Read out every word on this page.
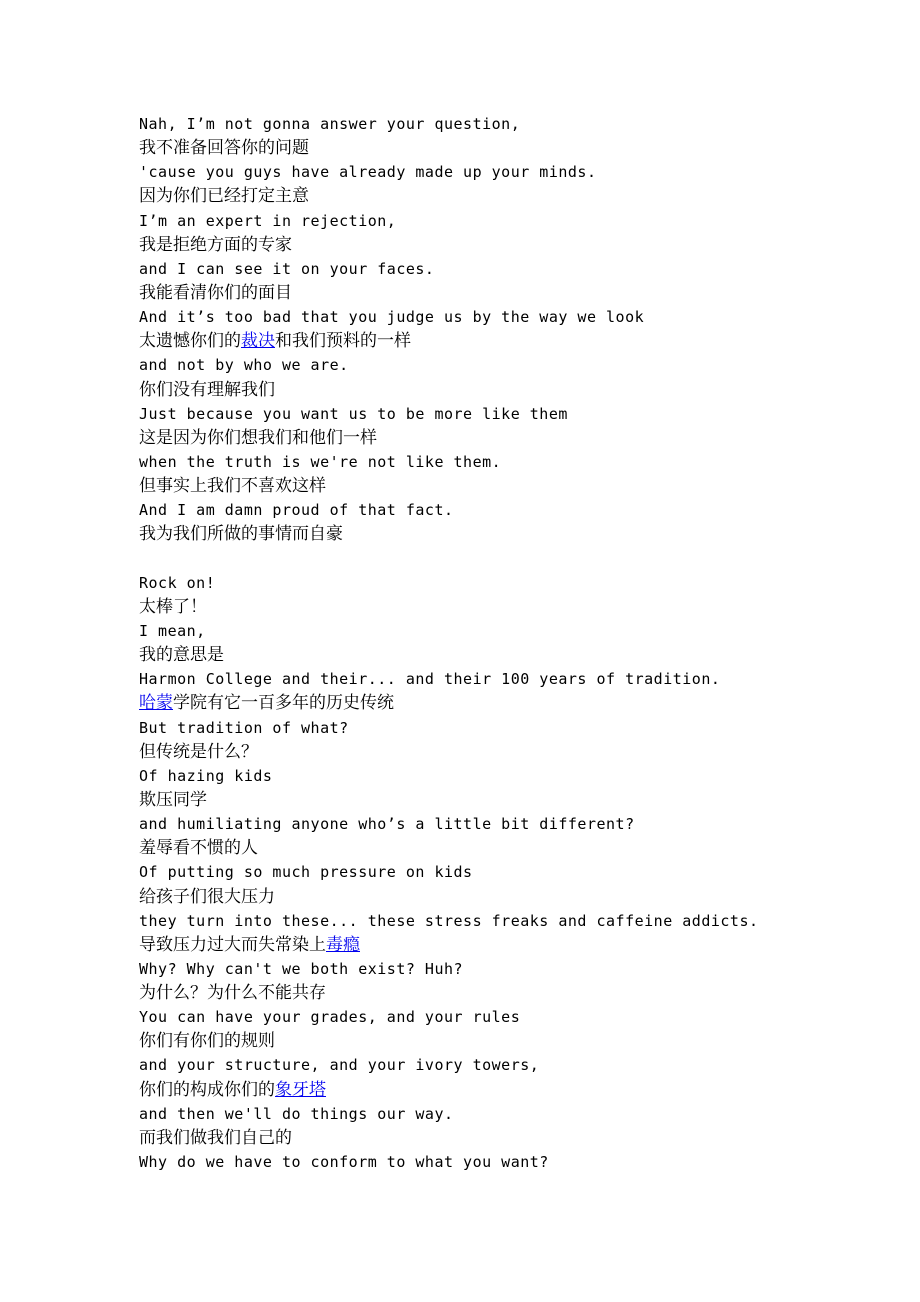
Nah, I’m not gonna answer your question,
我不准备回答你的问题
'cause you guys have already made up your minds.
因为你们已经打定主意
I’m an expert in rejection,
我是拒绝方面的专家
and I can see it on your faces.
我能看清你们的面目
And it’s too bad that you judge us by the way we look
太遗憾你们的裁决和我们预料的一样
and not by who we are.
你们没有理解我们
Just because you want us to be more like them
这是因为你们想我们和他们一样
when the truth is we're not like them.
但事实上我们不喜欢这样
And I am damn proud of that fact.
我为我们所做的事情而自豪
Rock on!
太棒了！
I mean,
我的意思是
Harmon College and their... and their 100 years of tradition.
哈蒙学院有它一百多年的历史传统
But tradition of what?
但传统是什么？
Of hazing kids
欺压同学
and humiliating anyone who’s a little bit different?
羞辱看不惯的人
Of putting so much pressure on kids
给孩子们很大压力
they turn into these... these stress freaks and caffeine addicts.
导致压力过大而失常染上毒瘾
Why? Why can't we both exist? Huh?
为什么？为什么不能共存
You can have your grades, and your rules
你们有你们的规则
and your structure, and your ivory towers,
你们的构成你们的象牙塔
and then we'll do things our way.
而我们做我们自己的
Why do we have to conform to what you want?
